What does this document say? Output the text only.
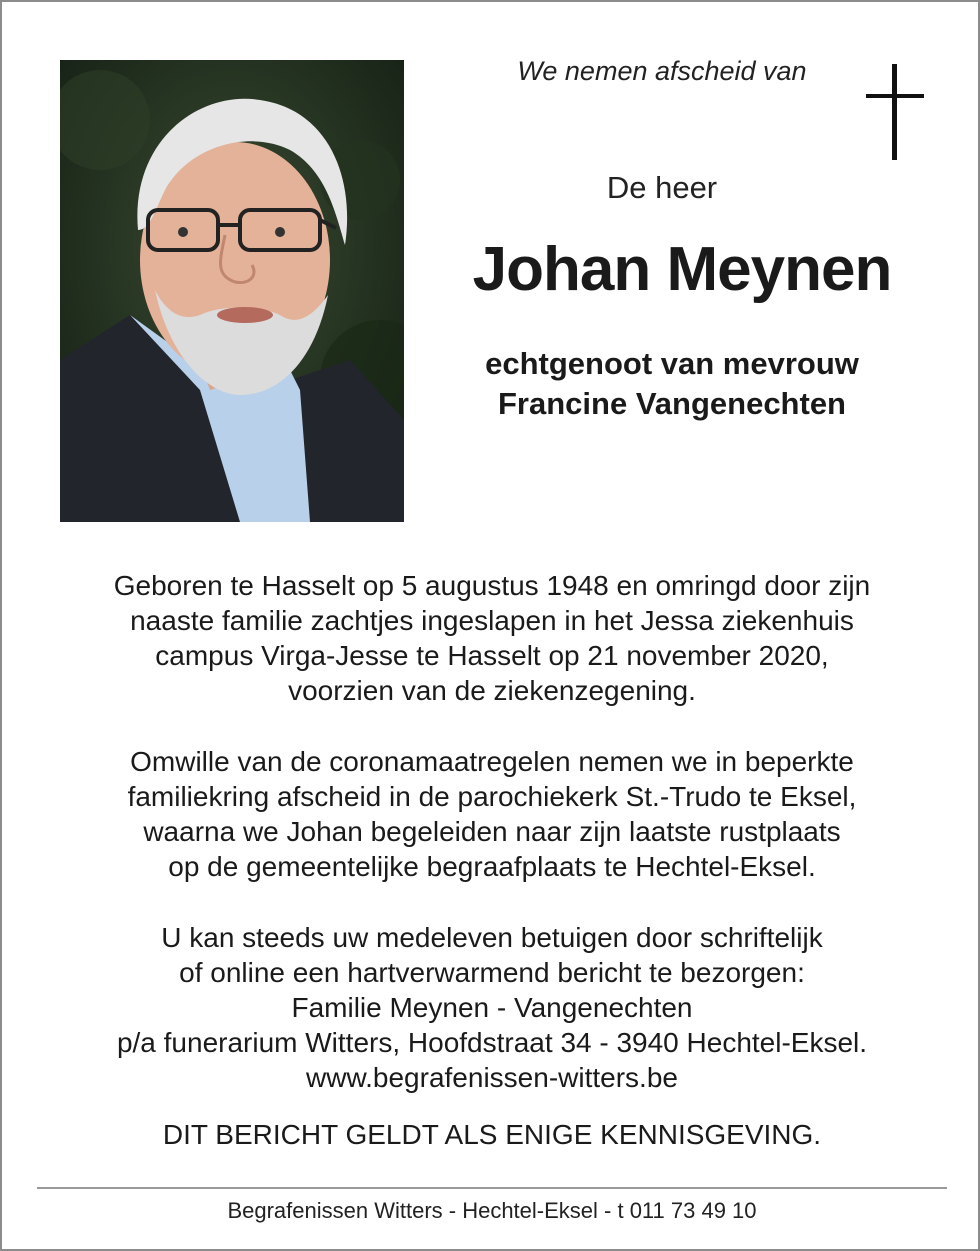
We nemen afscheid van
De heer
Johan Meynen
echtgenoot van mevrouw
Francine Vangenechten

Geboren te Hasselt op 5 augustus 1948 en omringd door zijn

naaste familie zachtjes ingeslapen in het Jessa ziekenhuis

campus Virga-Jesse te Hasselt op 21 november 2020,

voorzien van de ziekenzegening.

Omwille van de coronamaatregelen nemen we in beperkte

familiekring afscheid in de parochiekerk St.-Trudo te Eksel,

waarna we Johan begeleiden naar zijn laatste rustplaats

op de gemeentelijke begraafplaats te Hechtel-Eksel.

U kan steeds uw medeleven betuigen door schriftelijk

of online een hartverwarmend bericht te bezorgen:

Familie Meynen - Vangenechten

p/a funerarium Witters, Hoofdstraat 34 - 3940 Hechtel-Eksel.

www.begrafenissen-witters.be

DIT BERICHT GELDT ALS ENIGE KENNISGEVING.

Begrafenissen Witters - Hechtel-Eksel - t 011 73 49 10
